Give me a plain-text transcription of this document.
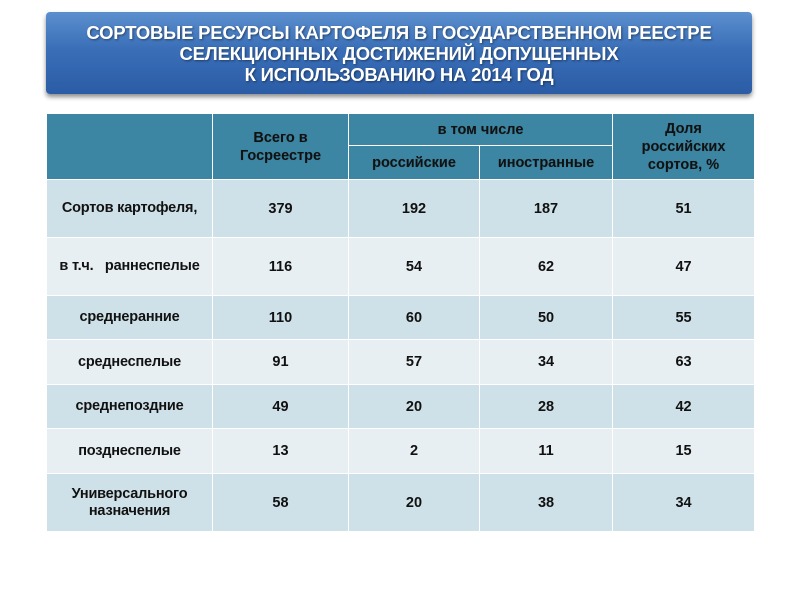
СОРТОВЫЕ РЕСУРСЫ КАРТОФЕЛЯ В ГОСУДАРСТВЕННОМ РЕЕСТРЕ
СЕЛЕКЦИОННЫХ ДОСТИЖЕНИЙ ДОПУЩЕННЫХ
К ИСПОЛЬЗОВАНИЮ НА 2014 ГОД
	Всего в Госреестре	в том числе		Доля российских сортов, %
		российские	иностранные	
Сортов картофеля,	379	192	187	51
в т.ч.   раннеспелые	116	54	62	47
среднеранние	110	60	50	55
среднеспелые	91	57	34	63
среднепоздние	49	20	28	42
позднеспелые	13	2	11	15
Универсального назначения	58	20	38	34
